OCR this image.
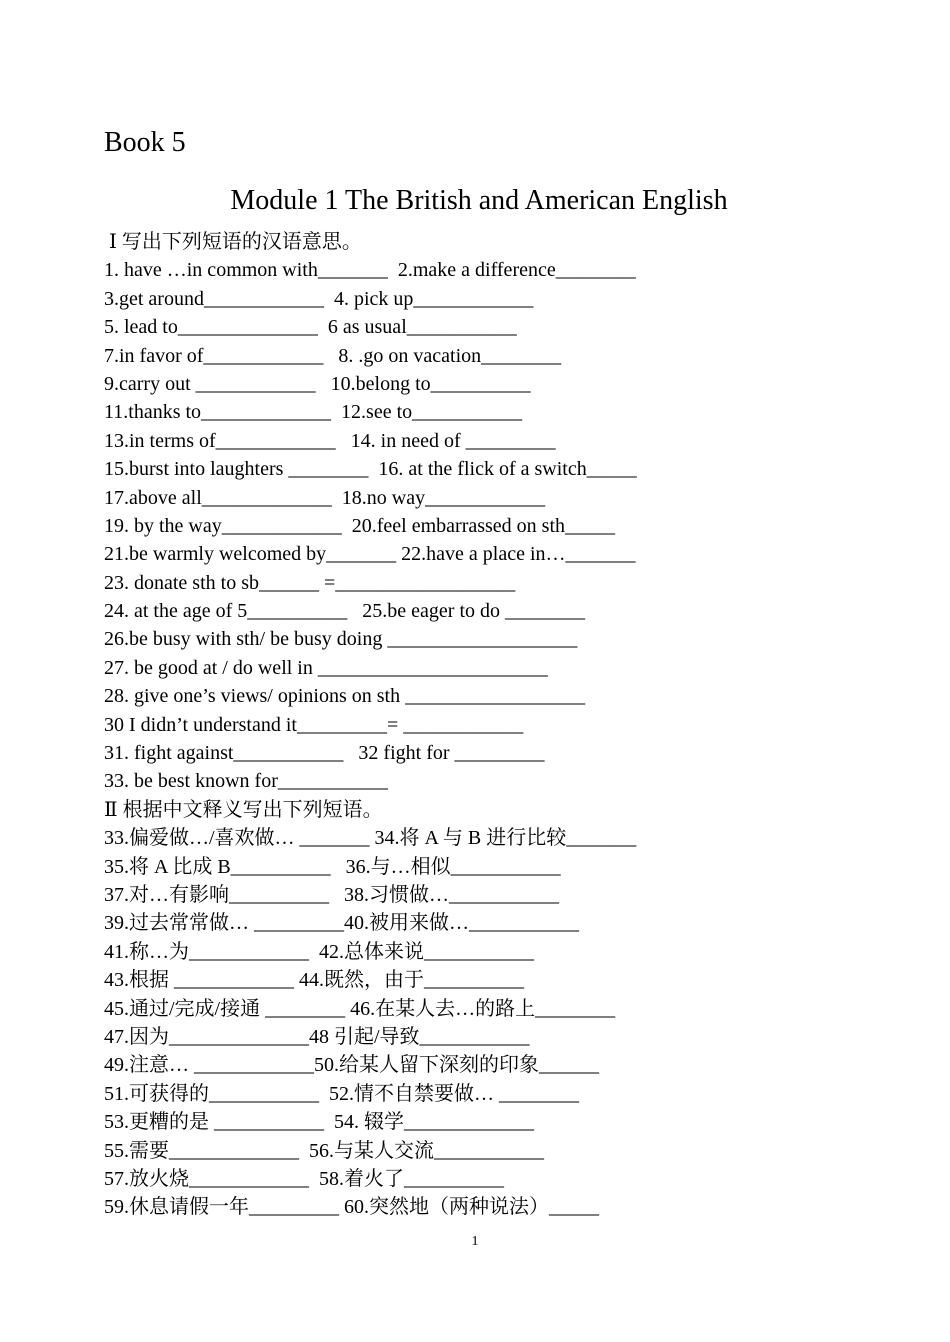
Book 5
Module 1 The British and American English
Ⅰ 写出下列短语的汉语意思。
1. have …in common with_______  2.make a difference________
3.get around____________  4. pick up____________
5. lead to______________  6 as usual___________
7.in favor of____________   8. .go on vacation________
9.carry out ____________   10.belong to__________
11.thanks to_____________  12.see to___________
13.in terms of____________   14. in need of _________
15.burst into laughters ________  16. at the flick of a switch_____
17.above all_____________  18.no way____________
19. by the way____________  20.feel embarrassed on sth_____
21.be warmly welcomed by_______ 22.have a place in…_______
23. donate sth to sb______ =__________________
24. at the age of 5__________   25.be eager to do ________
26.be busy with sth/ be busy doing ___________________
27. be good at / do well in _______________________
28. give one’s views/ opinions on sth __________________
30 I didn’t understand it_________= ____________
31. fight against___________   32 fight for _________
33. be best known for___________
Ⅱ 根据中文释义写出下列短语。
33.偏爱做…/喜欢做… _______ 34.将 A 与 B 进行比较_______
35.将 A 比成 B__________   36.与…相似___________
37.对…有影响__________   38.习惯做…___________
39.过去常常做… _________40.被用来做…___________
41.称…为____________  42.总体来说___________
43.根据 ____________ 44.既然，由于__________
45.通过/完成/接通 ________ 46.在某人去…的路上________
47.因为______________48 引起/导致___________
49.注意… ____________50.给某人留下深刻的印象______
51.可获得的___________  52.情不自禁要做… ________
53.更糟的是 ___________  54. 辍学_____________
55.需要_____________  56.与某人交流___________
57.放火烧____________  58.着火了__________
59.休息请假一年_________ 60.突然地（两种说法）_____
1
